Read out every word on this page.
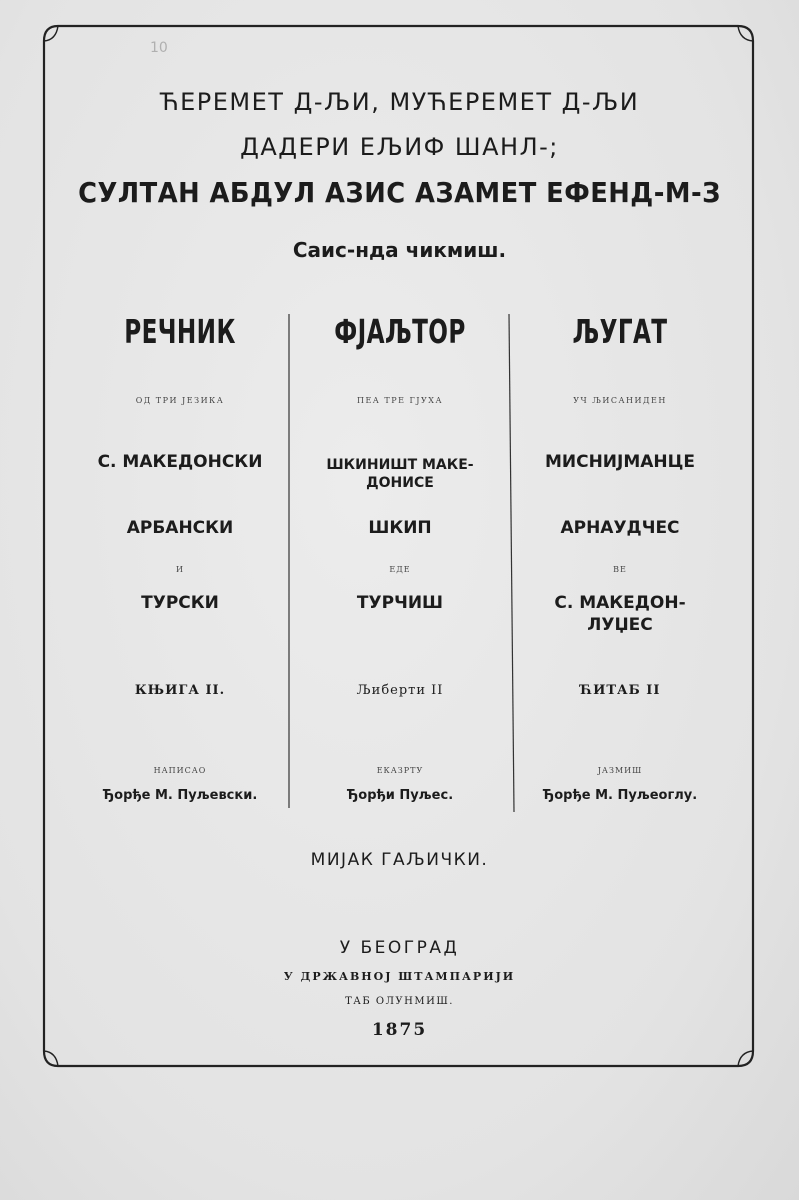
10
ЋЕРЕМЕТ Д-ЉИ, МУЋЕРЕМЕТ Д-ЉИ
ДАДЕРИ ЕЉИФ ШАНЛ-;
СУЛТАН АБДУЛ АЗИС АЗАМЕТ ЕФЕНД-М-З
Саис-нда чикмиш.
РЕЧНИК
ОД ТРИ ЈЕЗИКА
С. МАКЕДОНСКИ
АРБАНСКИ
И
ТУРСКИ
КЊИГА II.
НАПИСАО
Ђорђе М. Пуљевски.
ФЈАЉТОР
ПЕА ТРЕ ГЈУХА
ШКИНИШТ МАКЕ-
ДОНИСЕ
ШКИП
ЕДЕ
ТУРЧИШ
Љиберти II
ЕКАЗРТУ
Ђорђи Пуљес.
ЉУГАТ
УЧ ЉИСАНИДЕН
МИСНИЈМАНЦЕ
АРНАУДЧЕС
ВЕ
С. МАКЕДОН-
ЛУЏЕС
ЋИТАБ II
ЈАЗМИШ
Ђорђе М. Пуљеоглу.
МИЈАК ГАЉИЧКИ.
У БЕОГРАД
У ДРЖАВНОЈ ШТАМПАРИЈИ
ТАБ ОЛУНМИШ.
1875
